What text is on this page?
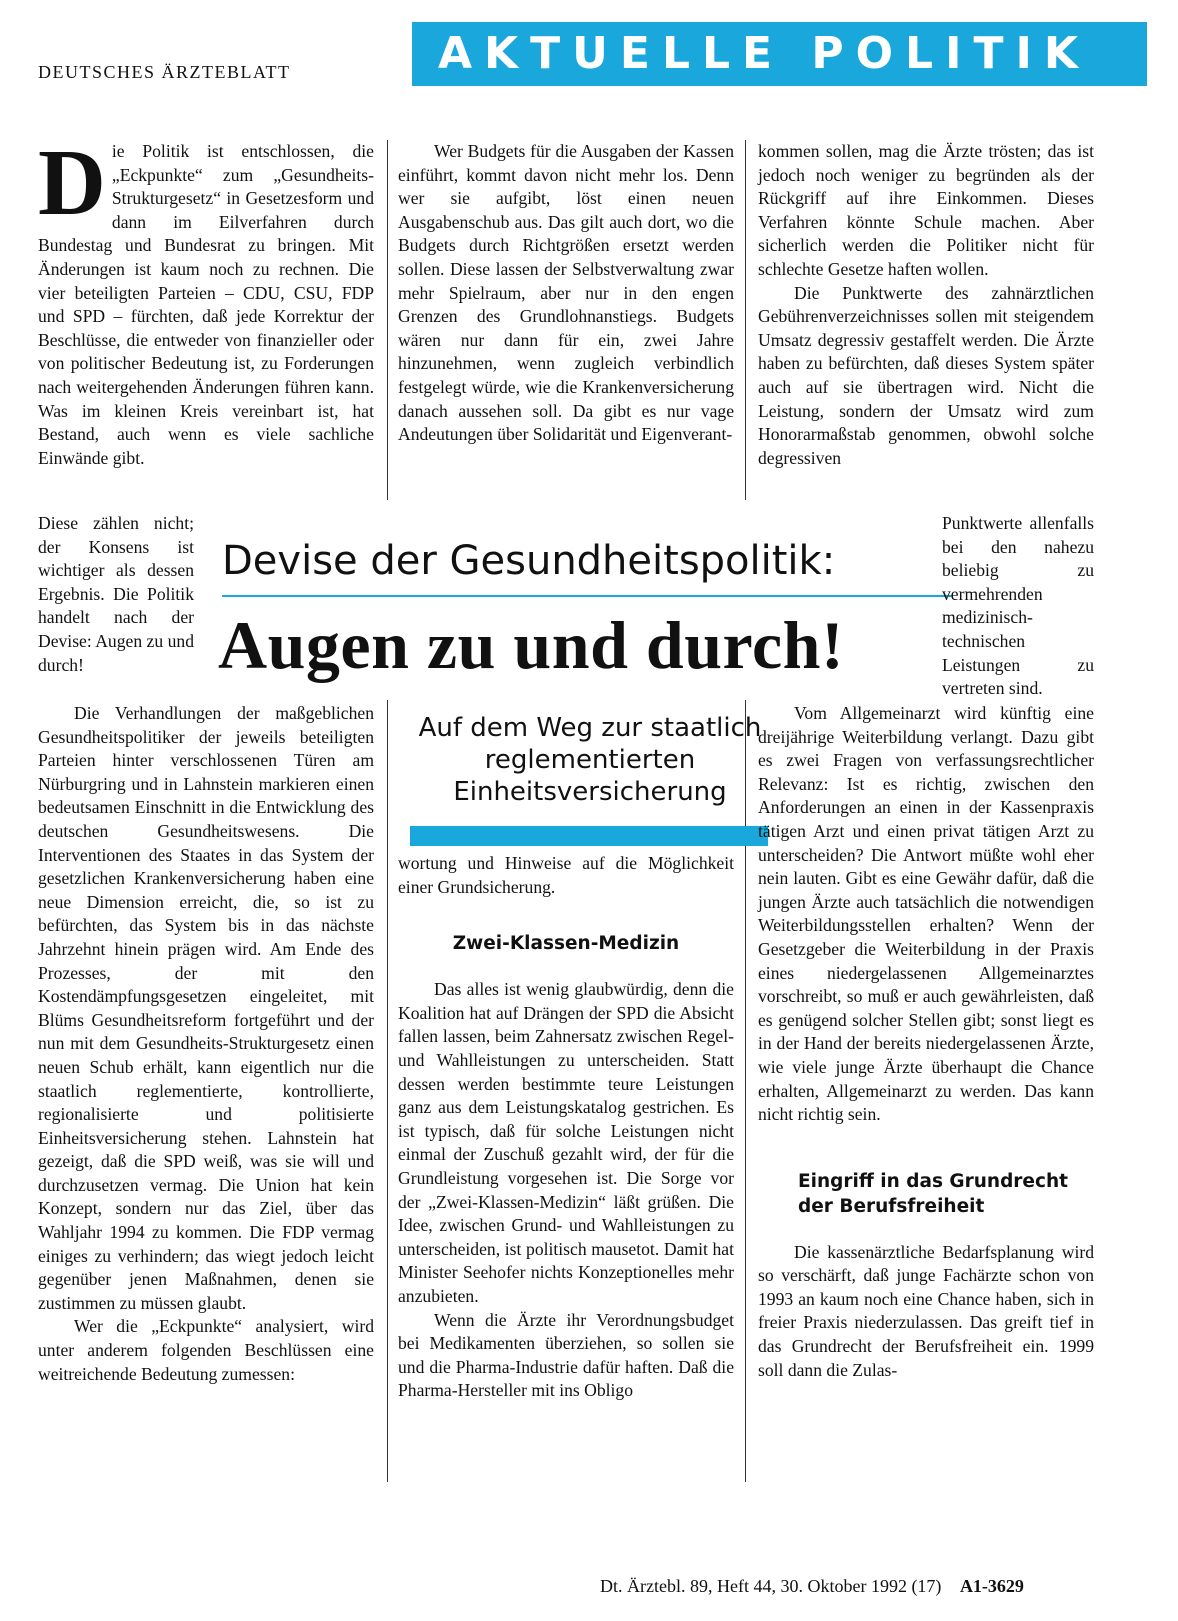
DEUTSCHES ÄRZTEBLATT	AKTUELLE POLITIK
D ie Politik ist entschlossen, die „Eckpunkte“ zum „Gesundheits-Strukturgesetz“ in Gesetzesform und dann im Eilverfahren durch Bundestag und Bundesrat zu bringen. Mit Änderungen ist kaum noch zu rechnen. Die vier beteiligten Parteien – CDU, CSU, FDP und SPD – fürchten, daß jede Korrektur der Beschlüsse, die entweder von finanzieller oder von politischer Bedeutung ist, zu Forderungen nach weitergehenden Änderungen führen kann. Was im kleinen Kreis vereinbart ist, hat Bestand, auch wenn es viele sachliche Einwände gibt.

Diese zählen nicht; der Konsens ist wichtiger als dessen Ergebnis. Die Politik handelt nach der Devise: Augen zu und durch!

Die Verhandlungen der maßgeblichen Gesundheitspolitiker der jeweils beteiligten Parteien hinter verschlossenen Türen am Nürburgring und in Lahnstein markieren einen bedeutsamen Einschnitt in die Entwicklung des deutschen Gesundheitswesens. Die Interventionen des Staates in das System der gesetzlichen Krankenversicherung haben eine neue Dimension erreicht, die, so ist zu befürchten, das System bis in das nächste Jahrzehnt hinein prägen wird. Am Ende des Prozesses, der mit den Kostendämpfungsgesetzen eingeleitet, mit Blüms Gesundheitsreform fortgeführt und der nun mit dem Gesundheits-Strukturgesetz einen neuen Schub erhält, kann eigentlich nur die staatlich reglementierte, kontrollierte, regionalisierte und politisierte Einheitsversicherung stehen. Lahnstein hat gezeigt, daß die SPD weiß, was sie will und durchzusetzen vermag. Die Union hat kein Konzept, sondern nur das Ziel, über das Wahljahr 1994 zu kommen. Die FDP vermag einiges zu verhindern; das wiegt jedoch leicht gegenüber jenen Maßnahmen, denen sie zustimmen zu müssen glaubt.

Wer die „Eckpunkte“ analysiert, wird unter anderem folgenden Beschlüssen eine weitreichende Bedeutung zumessen:

Wer Budgets für die Ausgaben der Kassen einführt, kommt davon nicht mehr los. Denn wer sie aufgibt, löst einen neuen Ausgabenschub aus. Das gilt auch dort, wo die Budgets durch Richtgrößen ersetzt werden sollen. Diese lassen der Selbstverwaltung zwar mehr Spielraum, aber nur in den engen Grenzen des Grundlohnanstiegs. Budgets wären nur dann für ein, zwei Jahre hinzunehmen, wenn zugleich verbindlich festgelegt würde, wie die Krankenversicherung danach aussehen soll. Da gibt es nur vage Andeutungen über Solidarität und Eigenverant-

Devise der Gesundheitspolitik:
Augen zu und durch!
Auf dem Weg zur staatlich reglementierten Einheitsversicherung

wortung und Hinweise auf die Möglichkeit einer Grundsicherung.

Zwei-Klassen-Medizin

Das alles ist wenig glaubwürdig, denn die Koalition hat auf Drängen der SPD die Absicht fallen lassen, beim Zahnersatz zwischen Regel- und Wahlleistungen zu unterscheiden. Statt dessen werden bestimmte teure Leistungen ganz aus dem Leistungskatalog gestrichen. Es ist typisch, daß für solche Leistungen nicht einmal der Zuschuß gezahlt wird, der für die Grundleistung vorgesehen ist. Die Sorge vor der „Zwei-Klassen-Medizin“ läßt grüßen. Die Idee, zwischen Grund- und Wahlleistungen zu unterscheiden, ist politisch mausetot. Damit hat Minister Seehofer nichts Konzeptionelles mehr anzubieten.

Wenn die Ärzte ihr Verordnungsbudget bei Medikamenten überziehen, so sollen sie und die Pharma-Industrie dafür haften. Daß die Pharma-Hersteller mit ins Obligo

kommen sollen, mag die Ärzte trösten; das ist jedoch noch weniger zu begründen als der Rückgriff auf ihre Einkommen. Dieses Verfahren könnte Schule machen. Aber sicherlich werden die Politiker nicht für schlechte Gesetze haften wollen.

Die Punktwerte des zahnärztlichen Gebührenverzeichnisses sollen mit steigendem Umsatz degressiv gestaffelt werden. Die Ärzte haben zu befürchten, daß dieses System später auch auf sie übertragen wird. Nicht die Leistung, sondern der Umsatz wird zum Honorarmaßstab genommen, obwohl solche degressiven

Punktwerte allenfalls bei den nahezu beliebig zu vermehrenden medizinisch-technischen Leistungen zu vertreten sind.

Vom Allgemeinarzt wird künftig eine dreijährige Weiterbildung verlangt. Dazu gibt es zwei Fragen von verfassungsrechtlicher Relevanz: Ist es richtig, zwischen den Anforderungen an einen in der Kassenpraxis tätigen Arzt und einen privat tätigen Arzt zu unterscheiden? Die Antwort müßte wohl eher nein lauten. Gibt es eine Gewähr dafür, daß die jungen Ärzte auch tatsächlich die notwendigen Weiterbildungsstellen erhalten? Wenn der Gesetzgeber die Weiterbildung in der Praxis eines niedergelassenen Allgemeinarztes vorschreibt, so muß er auch gewährleisten, daß es genügend solcher Stellen gibt; sonst liegt es in der Hand der bereits niedergelassenen Ärzte, wie viele junge Ärzte überhaupt die Chance erhalten, Allgemeinarzt zu werden. Das kann nicht richtig sein.

Eingriff in das Grundrecht der Berufsfreiheit

Die kassenärztliche Bedarfsplanung wird so verschärft, daß junge Fachärzte schon von 1993 an kaum noch eine Chance haben, sich in freier Praxis niederzulassen. Das greift tief in das Grundrecht der Berufsfreiheit ein. 1999 soll dann die Zulas-

Dt. Ärztebl. 89, Heft 44, 30. Oktober 1992 (17) A1-3629
